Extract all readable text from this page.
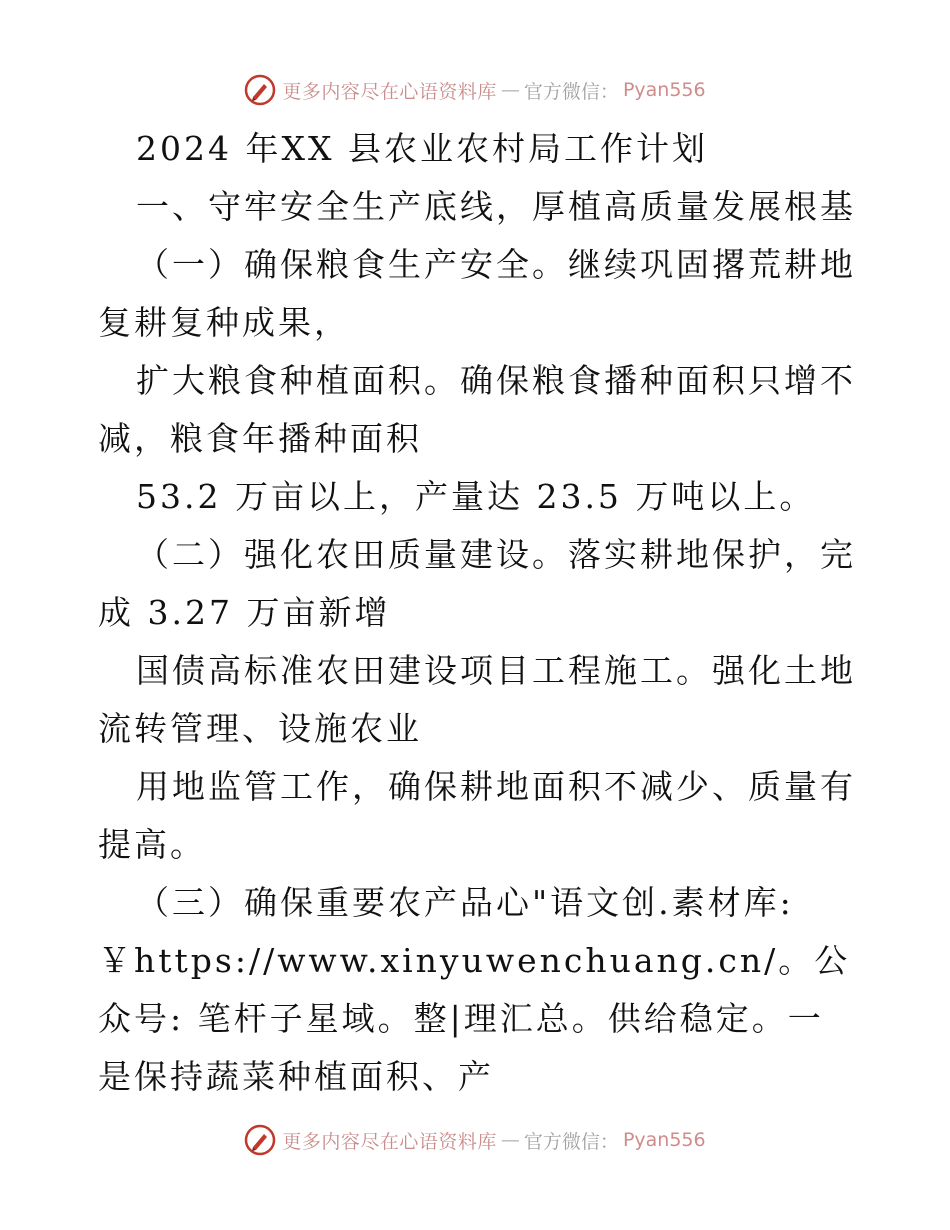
更多内容尽在心语资料库 — 官方微信： Pyan556

2024 年XX 县农业农村局工作计划

一、守牢安全生产底线，厚植高质量发展根基

（一）确保粮食生产安全。继续巩固撂荒耕地复耕复种成果，

扩大粮食种植面积。确保粮食播种面积只增不减，粮食年播种面积

53.2 万亩以上，产量达 23.5 万吨以上。

（二）强化农田质量建设。落实耕地保护，完成 3.27 万亩新增

国债高标准农田建设项目工程施工。强化土地流转管理、设施农业

用地监管工作，确保耕地面积不减少、质量有提高。

（三）确保重要农产品心"语文创.素材库: ￥https://www.xinyuwenchuang.cn/。公众号: 笔杆子星域。整|理汇总。供给稳定。一是保持蔬菜种植面积、产

更多内容尽在心语资料库 — 官方微信： Pyan556
